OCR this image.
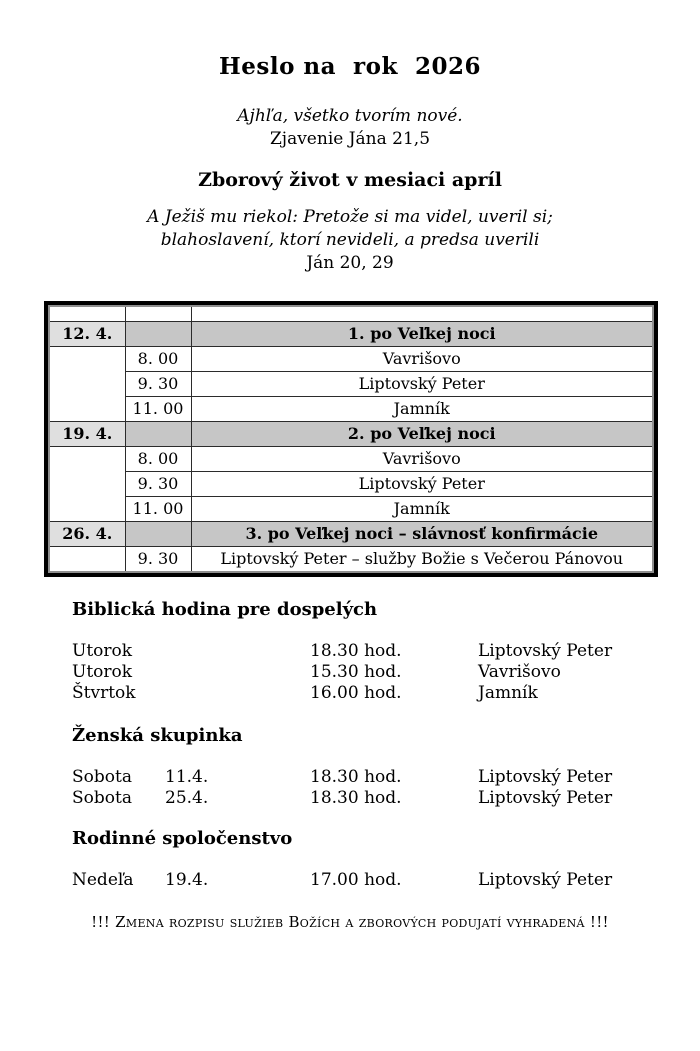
Heslo na  rok  2026
Ajhľa, všetko tvorím nové.
Zjavenie Jána 21,5
Zborový život v mesiaci apríl
A Ježiš mu riekol: Pretože si ma videl, uveril si;
blahoslavení, ktorí nevideli, a predsa uverili
Ján 20, 29

12. 4.		1. po Veľkej noci
	8. 00	Vavrišovo
	9. 30	Liptovský Peter
	11. 00	Jamník
19. 4.		2. po Veľkej noci
	8. 00	Vavrišovo
	9. 30	Liptovský Peter
	11. 00	Jamník
26. 4.		3. po Veľkej noci – slávnosť konfirmácie
	9. 30	Liptovský Peter – služby Božie s Večerou Pánovou
Biblická hodina pre dospelých
Utorok	18.30 hod.	Liptovský Peter
Utorok	15.30 hod.	Vavrišovo
Štvrtok	16.00 hod.	Jamník
Ženská skupinka
Sobota	11.4.	18.30 hod.	Liptovský Peter
Sobota	25.4.	18.30 hod.	Liptovský Peter
Rodinné spoločenstvo
Nedeľa	19.4.	17.00 hod.	Liptovský Peter
!!! Zmena rozpisu služieb Božích a zborových podujatí vyhradená !!!
